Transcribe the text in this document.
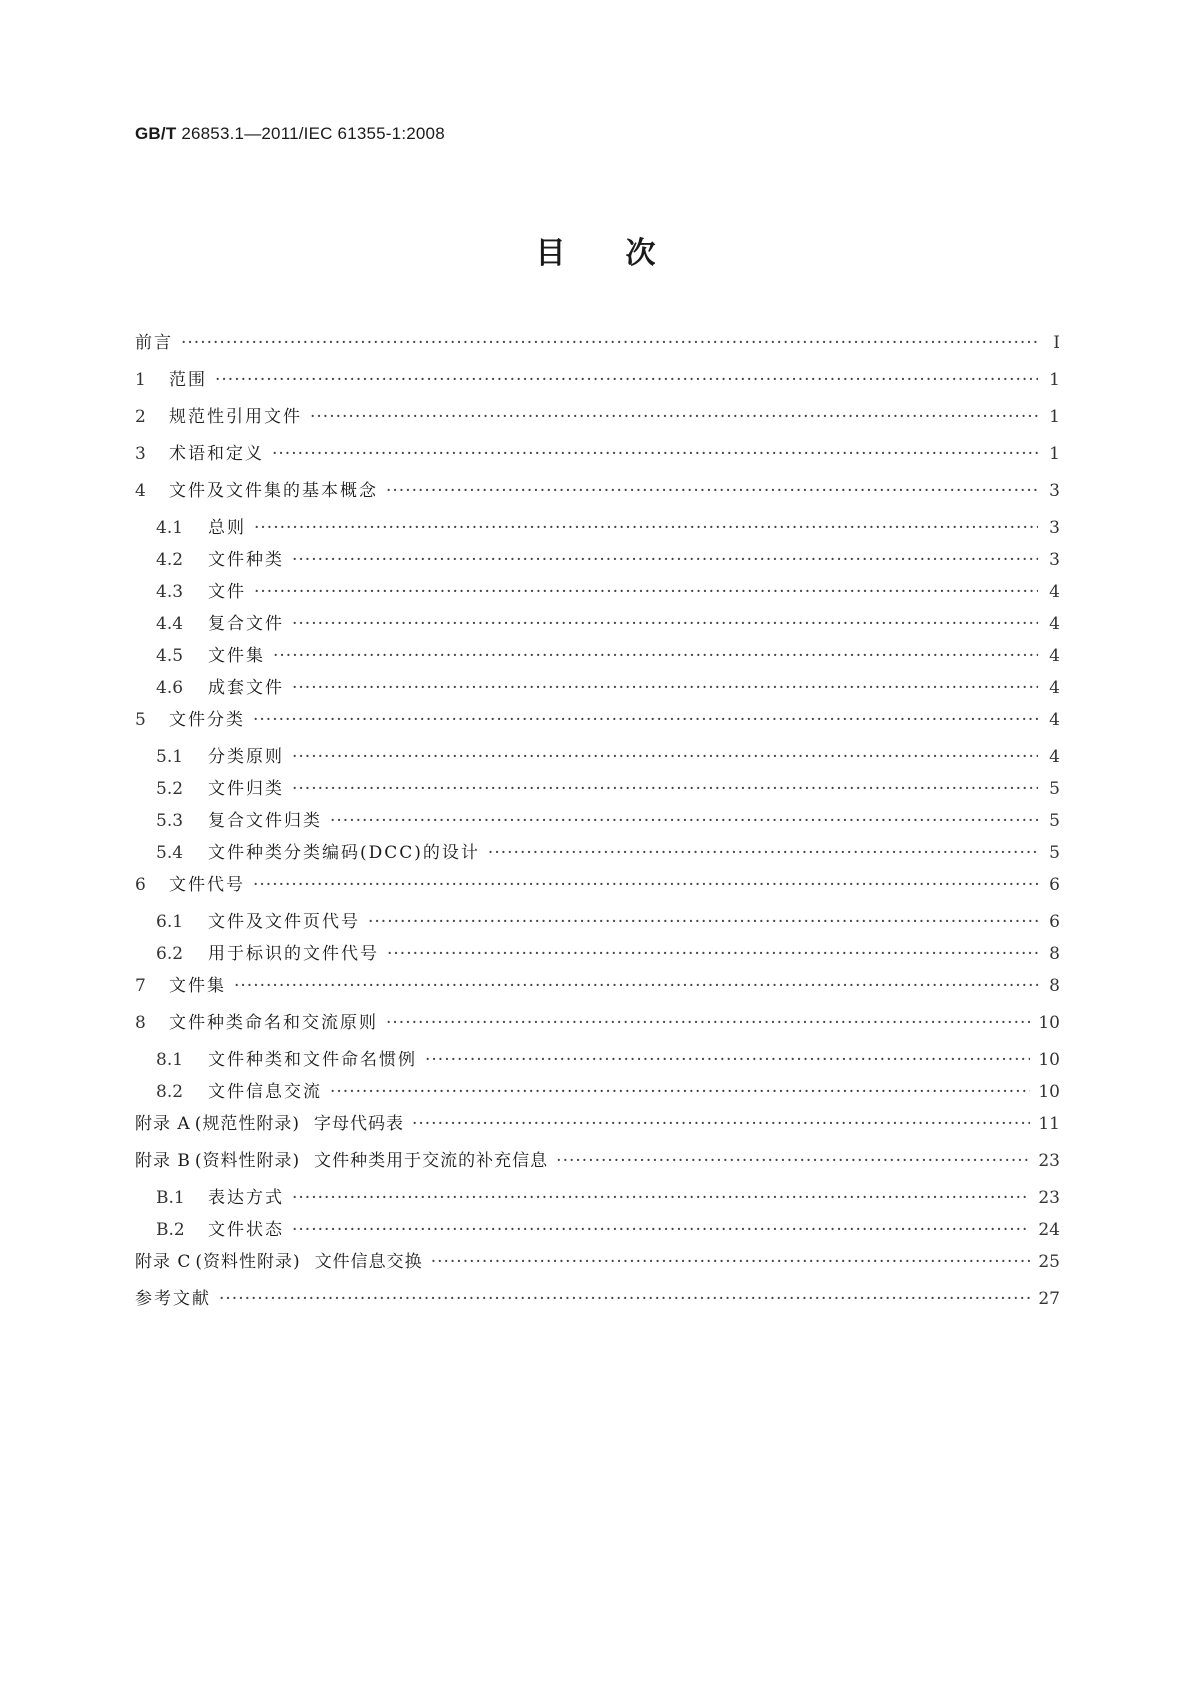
GB/T 26853.1—2011/IEC 61355-1:2008
目次
前言 ·····	Ⅰ
1	范围 ·····	1
2	规范性引用文件 ·····	1
3	术语和定义 ·····	1
4	文件及文件集的基本概念 ·····	3
4.1	总则 ·····	3
4.2	文件种类 ·····	3
4.3	文件 ·····	4
4.4	复合文件 ·····	4
4.5	文件集 ·····	4
4.6	成套文件 ·····	4
5	文件分类 ·····	4
5.1	分类原则 ·····	4
5.2	文件归类 ·····	5
5.3	复合文件归类 ·····	5
5.4	文件种类分类编码(DCC)的设计 ·····	5
6	文件代号 ·····	6
6.1	文件及文件页代号 ·····	6
6.2	用于标识的文件代号 ·····	8
7	文件集 ·····	8
8	文件种类命名和交流原则 ·····	10
8.1	文件种类和文件命名惯例 ·····	10
8.2	文件信息交流 ·····	10
附录 A (规范性附录) 字母代码表 ·····	11
附录 B (资料性附录) 文件种类用于交流的补充信息 ·····	23
B.1	表达方式 ·····	23
B.2	文件状态 ·····	24
附录 C (资料性附录) 文件信息交换 ·····	25
参考文献 ·····	27
